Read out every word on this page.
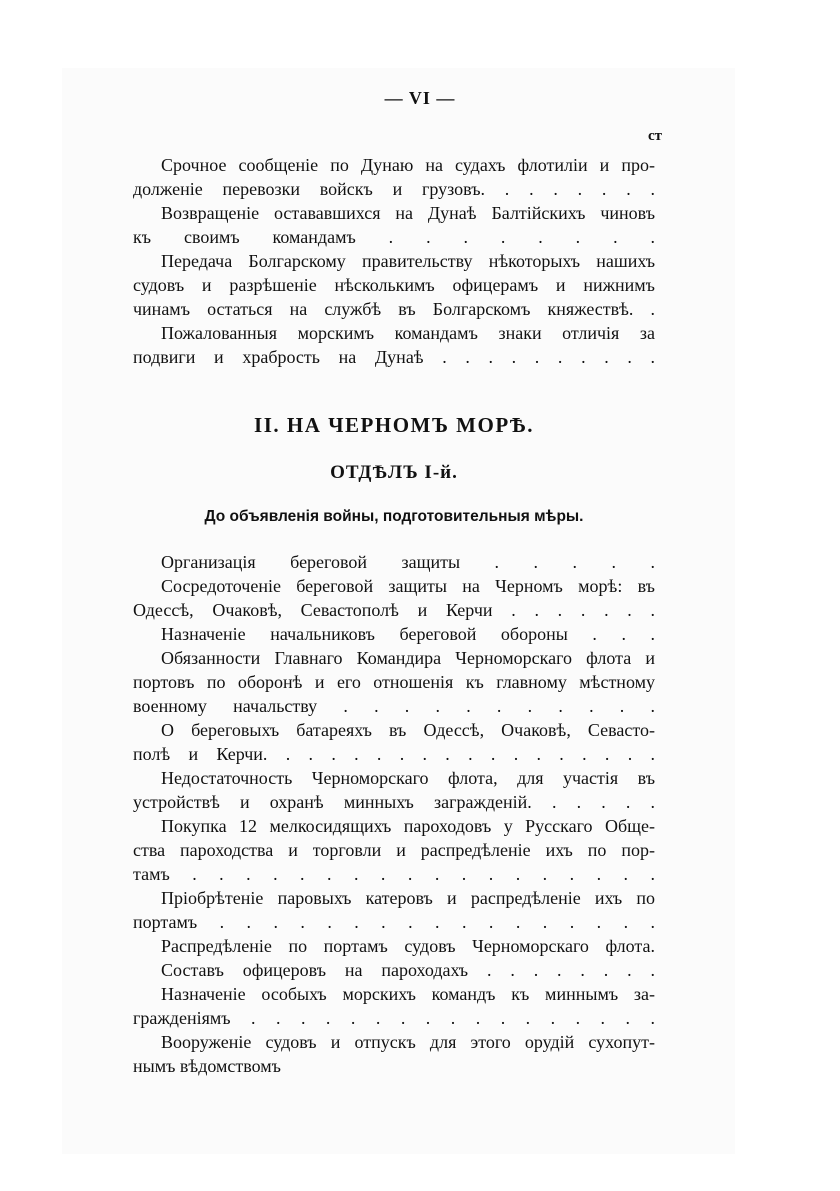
— VI —
ст

Срочное сообщенiе по Дунаю на судахъ флотилiи и про-
долженiе перевозки войскъ и грузовъ. . . . . . . .

Возвращенiе остававшихся на Дунаѣ Балтiйскихъ чиновъ
къ своимъ командамъ . . . . . . . .

Передача Болгарскому правительству нѣкоторыхъ нашихъ
судовъ и разрѣшенiе нѣсколькимъ офицерамъ и нижнимъ
чинамъ остаться на службѣ въ Болгарскомъ княжествѣ. .

Пожалованныя морскимъ командамъ знаки отличiя за
подвиги и храбрость на Дунаѣ . . . . . . . . . .

II. НА ЧЕРНОМЪ МОРѢ.
ОТДѢЛЪ I-й.
До объявленiя войны, подготовительныя мѣры.

Организацiя береговой защиты . . . . .

Сосредоточенiе береговой защиты на Черномъ морѣ: въ
Одессѣ, Очаковѣ, Севастополѣ и Керчи . . . . . . .

Назначенiе начальниковъ береговой обороны . . .

Обязанности Главнаго Командира Черноморскаго флота и
портовъ по оборонѣ и его отношенiя къ главному мѣстному
военному начальству . . . . . . . . . . .

О береговыхъ батареяхъ въ Одессѣ, Очаковѣ, Севасто-
полѣ и Керчи. . . . . . . . . . . . . . . . . .

Недостаточность Черноморскаго флота, для участiя въ
устройствѣ и охранѣ минныхъ загражденiй. . . . . .

Покупка 12 мелкосидящихъ пароходовъ у Русскаго Обще-
ства пароходства и торговли и распредѣленiе ихъ по пор-
тамъ . . . . . . . . . . . . . . . . . .

Прiобрѣтенiе паровыхъ катеровъ и распредѣленiе ихъ по
портамъ . . . . . . . . . . . . . . . . .

Распредѣленiе по портамъ судовъ Черноморскаго флота.

Составъ офицеровъ на пароходахъ . . . . . . . .

Назначенiе особыхъ морскихъ командъ къ миннымъ за-
гражденiямъ . . . . . . . . . . . . . . . . .

Вооруженiе судовъ и отпускъ для этого орудiй сухопут-
нымъ вѣдомствомъ
